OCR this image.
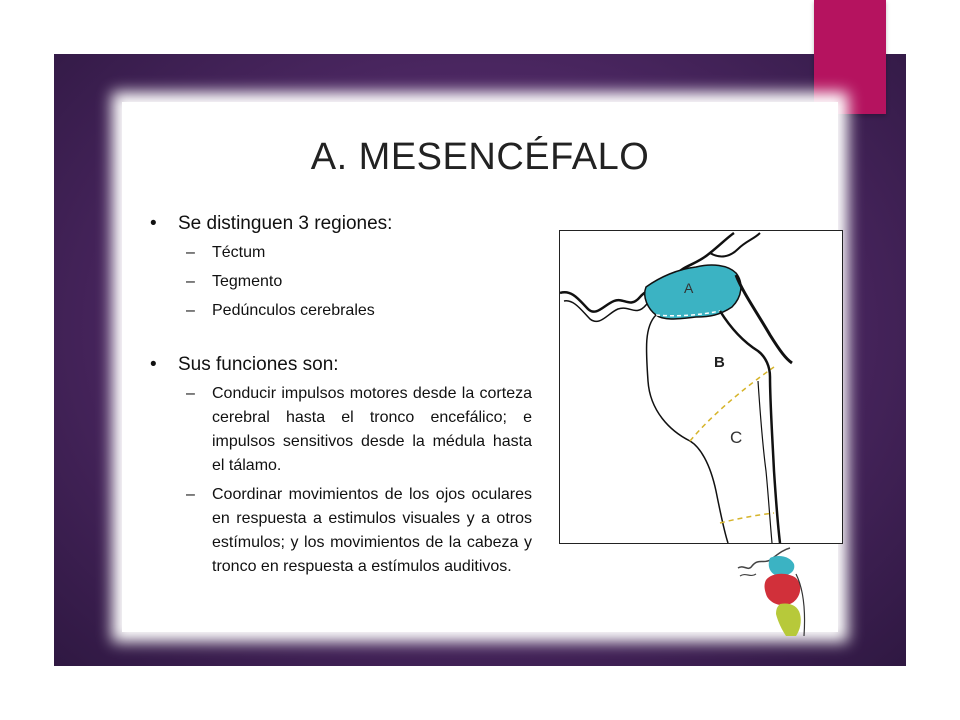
A. MESENCÉFALO
• Se distinguen 3 regiones:
– Téctum
– Tegmento
– Pedúnculos cerebrales
• Sus funciones son:
– Conducir impulsos motores desde la corteza cerebral hasta el tronco encefálico; e impulsos sensitivos desde la médula hasta el tálamo.
– Coordinar movimientos de los ojos oculares en respuesta a estimulos visuales y a otros estímulos; y los movimientos de la cabeza y tronco en respuesta a estímulos auditivos.
A
B
C
